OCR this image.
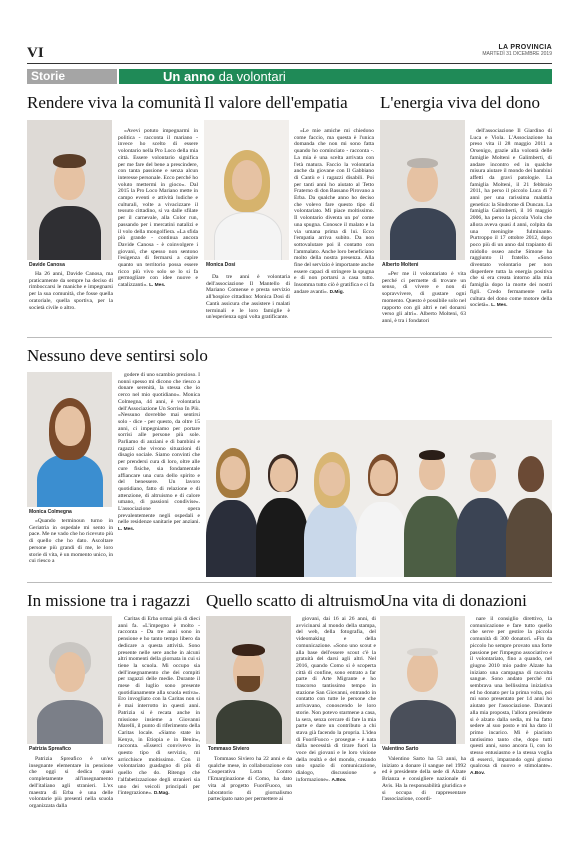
VI	LA PROVINCIA
MARTEDÌ 31 DICEMBRE 2019
Storie	Un anno da volontari
Rendere viva la comunità Il valore dell'empatia L'energia viva del dono
Davide Canosa

Ha 26 anni, Davide Canosa, ma praticamente da sempre ha deciso di rimboccarsi le maniche e impegnarsi per la sua comunità, che fosse quella oratoriale, quella sportiva, per la società civile o altro.

«Avevi potuto impegnarmi in politica - racconta il mariano - invece ho scelto di essere volontario nella Pro Loco della mia città. Essere volontario significa per me fare del bene a prescindere, con tanta passione e senza alcun interesse personale. Ecco perché ho voluto mettermi in gioco». Dal 2015 la Pro Loco Mariano mette in campo eventi e attività ludiche e culturali, volte a vivacizzare il tessuto cittadino, si va dalle sfilate per il carnevale, alla Color run, passando per i mercatini natalizi e il volo della mongolfiera. «La sfida più grande - continua ancora Davide Canosa - è coinvolgere i giovani, che spesso non sentono l'esigenza di fermarsi a capire quanto un territorio possa essere ricco più vivo solo se lo si fa germogliare con idee nuove e catalizzanti». L. Mes.

Monica Dosi

Da tre anni è volontaria dell'associazione Il Mantello di Mariano Comense e presta servizio all'hospice cittadino: Monica Dosi di Cantù assicura che assistere i malati terminali e le loro famiglie è un'esperienza ogni volta gratificante.

«Le mie amiche mi chiedono come faccio, ma questa è l'unica domanda che non mi sono fatta quando ho cominciato - racconta -. La mia è una scelta arrivata con l'età matura. Faccio la volontaria anche da giovane con Il Gabbiano di Cantù e i ragazzi disabili. Poi per tanti anni ho aiutato al Tetto Fraterno di don Bassano Pirovano a Erba. Da qualche anno ho deciso che volevo fare questo tipo di volontariato. Mi piace moltissimo. Il volontario diventa un po' come una spugna. Conosce il malato e la via umana prima di lui. Ecco l'empatia arriva subito. Da non sottovalutare poi il contatto con l'ammalato. Anche loro beneficiano molto della nostra presenza. Alla fine del servizio è importante anche essere capaci di stringere la spugna e di non portarsi a casa tutto. Insomma tutto ciò è gratifica e ci fa andare avanti». D.Mig.

Alberto Molteni

«Per me il volontariato è vita perché ci permette di trovare un senso, di vivere e non di sopravvivere, di gustare ogni momento. Questo è possibile solo nel rapporto con gli altri e nel donarsi verso gli altri». Alberto Molteni, 63 anni, è tra i fondatori

dell'associazione Il Giardino di Luca e Viola. L'Associazione ha preso vita il 28 maggio 2011 a Orsenigo, grazie alla volontà delle famiglie Molteni e Galimberti, di andare incontro ed in qualche misura aiutare il mondo dei bambini affetti da gravi patologie. La famiglia Molteni, il 21 febbraio 2011, ha perso il piccolo Luca di 7 anni per una rarissima malattia genetica: la Sindrome di Duncan. La famiglia Galimberti, il 16 maggio 2006, ha perso la piccola Viola che allora aveva quasi 4 anni, colpita da una meningite fulminante. Purtroppo il 17 ottobre 2012, dopo poco più di un anno dal trapianto di midollo osseo anche Simone ha raggiunto il fratello. «Sono diventato volontario per non disperdere tutta la energia positiva che si era creata intorno alla mia famiglia dopo la morte dei nostri figli. Credo fermamente nella cultura del dono come motore della società». L. Mes.

Nessuno deve sentirsi solo
Monica Colmegna

«Quando terminoun turno in Geriatria in ospedale mi sento in pace. Me ne vado che ho ricevuto più di quello che ho dato. Ascoltare persone più grandi di me, le loro storie di vita, è un momento unico, in cui riesco a

godere di uno scambio prezioso. I nonni spesso mi dicono che riesco a donare serenità, la stessa che io cerco nel mio quotidiano». Monica Colmegna, 44 anni, è volontaria dell'Associazione Un Sorriso In Più. «Nessuno dovrebbe mai sentirsi solo - dice - per questo, da oltre 15 anni, ci impegniamo per portare sorrisi alle persone più sole. Parliamo di anziani e di bambini e ragazzi che vivono situazioni di disagio sociale. Siamo convinti che per prendersi cura di loro, oltre alle cure fisiche, sia fondamentale affiancare una cura dello spirito e del benessere. Un lavoro quotidiano, fatto di relazione e di attenzione, di altruismo e di calore umano, di passioni condivise». L'associazione opera prevalentemente negli ospedali e nelle residenze sanitarie per anziani. L. Mes.

In missione tra i ragazzi Quello scatto di altruismo
Una vita di donazioni
Patrizia Spreafico

Patrizia Spreafico è un'ex insegnante elementare in pensione che oggi si dedica quasi completamente all'insegnamento dell'italiano agli stranieri. L'ex maestra di Erba è una delle volontarie più presenti nella scuola organizzata dalla

Caritas di Erba ormai più di dieci anni fa. «L'impegno è molto - racconta - Da tre anni sono in pensione e ho tanto tempo libero da dedicare a questa attività. Sono presente nelle sere anche in alcuni altri momenti della giornata in cui si tiene la scuola. Mi occupo sia dell'insegnamento che dei compiti per ragazzi delle medie. Durante il mese di luglio sono presente quotidianamente alla scuola estiva». Ero invogliato con la Caritas non si è mai interrotto in questi anni. Patrizia si è recata anche in missione insieme a Giovanni Marelli, il punto di riferimento della Caritas locale. «Siamo state in Kenya, in Etiopia e in Benin», racconta. «Esserci convivevo in questo tipo di servizio, mi arricchisce moltissimo. Con il volontariato guadagno di più di quello che do. Ritengo che l'alfabetizzazione degli stranieri sia uno dei veicoli principali per l'integrazione». D.Mag.

Tommaso Siviero

Tommaso Siviero ha 22 anni e da qualche mese, in collaborazione con Cooperativa Lotta Contro l'Emarginazione di Como, ha dato vita al progetto FuoriFuoco, un laboratorio di giornalismo partecipato nato per permettere ai

giovani, dai 16 ai 26 anni, di avvicinarsi al mondo della stampa, del web, della fotografia, del videomaking e della comunicazione. «Sono uno scout e alla base dell'essere scout c'è la gratuità del darsi agli altri. Nel 2016, quando Como si è scoperta città di confine, sono entrato a far parte di Arte Migrante e ho trascorso tantissimo tempo in stazione San Giovanni, entrando in contatto con tutte le persone che arrivavano, conoscendo le loro storie. Non potevo starmene a casa, la sera, senza cercare di fare la mia parte e dare un contributo a chi stava già facendo la propria. L'idea di FuoriFuoco - prosegue - è nata dalla necessità di tirare fuori la voce dei giovani e le loro visione della realtà e del mondo, creando uno spazio di comunicazione, dialogo, discussione e informazione». A.Bov.

Valentino Sarto

Valentino Sarto ha 53 anni, ha iniziato a donare il sangue nel 1992 ed è presidente della sede di Alzate Brianza e consigliere nazionale di Avis. Ha la responsabilità giuridica e si occupa di rappresentare l'associazione, coordi-

nare il consiglio direttivo, la comunicazione e fare tutto quello che serve per gestire la piccola comunità di 300 donatori. «Fin da piccolo ho sempre provato una forte passione per l'impegno associativo e il volontariato, fino a quando, nel giugno 2010 mio padre Alzate ha iniziato una campagna di raccolta sangue. Sono andato perché mi sembrava una bellissima iniziativa ed ho donato per la prima volta, poi mi sono presentato per 14 anni ho aiutato per l'associazione. Davanti alla mia proposta, l'allora presidente si è alzato dalla sedia, mi ha fatto sedere al suo posto e mi ha dato il primo incarico. Mi è piaciuto tantissimo tanto che, dopo tutti questi anni, sono ancora lì, con lo stesso entusiasmo e la stessa voglia di esserci, imparando ogni giorno qualcosa di nuovo e stimolante». A.Bov.
